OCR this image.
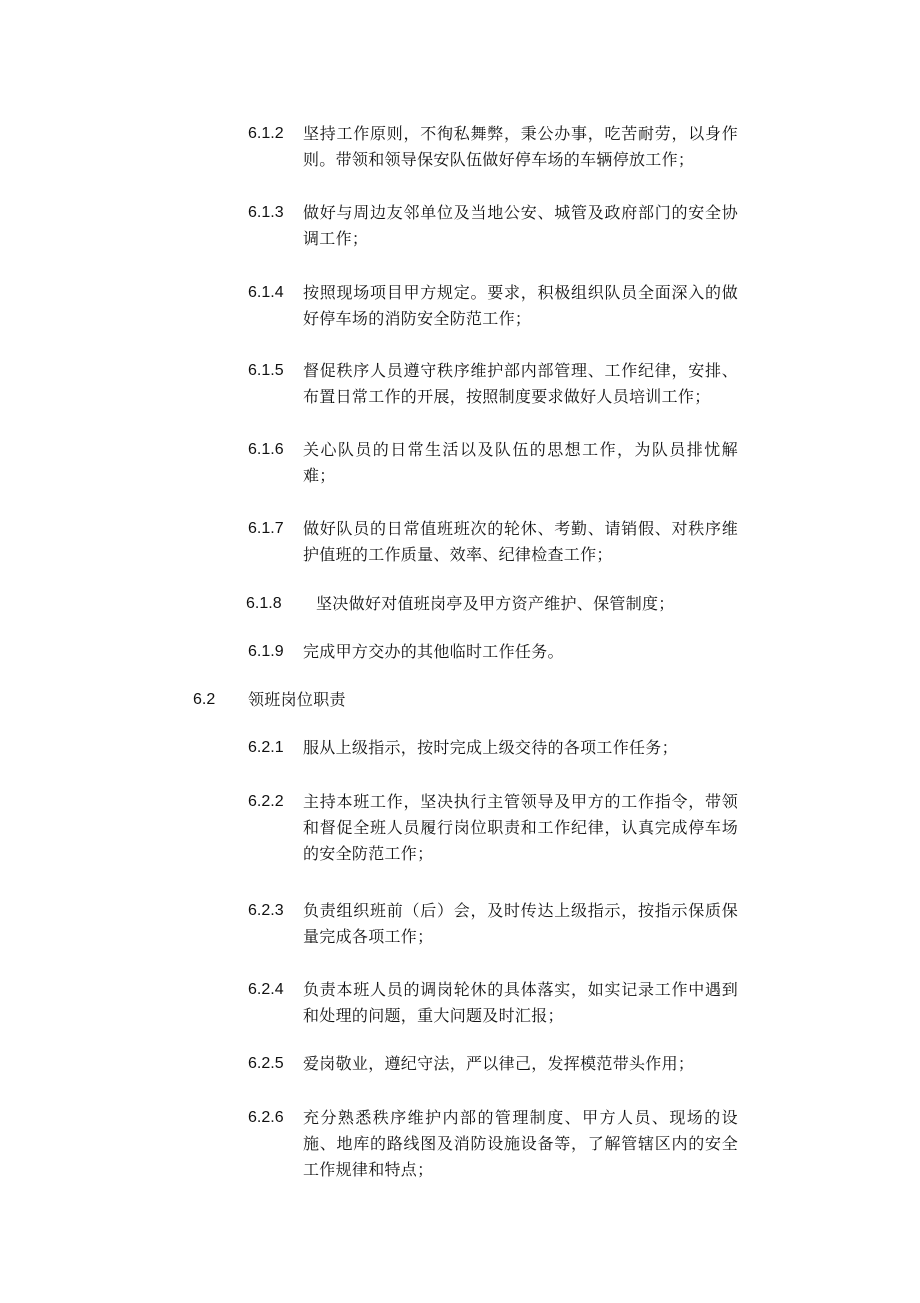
6.1.2	坚持工作原则，不徇私舞弊，秉公办事，吃苦耐劳，以身作则。带领和领导保安队伍做好停车场的车辆停放工作；
6.1.3	做好与周边友邻单位及当地公安、城管及政府部门的安全协调工作；
6.1.4	按照现场项目甲方规定。要求，积极组织队员全面深入的做好停车场的消防安全防范工作；
6.1.5	督促秩序人员遵守秩序维护部内部管理、工作纪律，安排、布置日常工作的开展，按照制度要求做好人员培训工作；
6.1.6	关心队员的日常生活以及队伍的思想工作，为队员排忧解难；
6.1.7	做好队员的日常值班班次的轮休、考勤、请销假、对秩序维护值班的工作质量、效率、纪律检查工作；
6.1.8	坚决做好对值班岗亭及甲方资产维护、保管制度；
6.1.9	完成甲方交办的其他临时工作任务。
6.2	领班岗位职责
6.2.1	服从上级指示，按时完成上级交待的各项工作任务；
6.2.2	主持本班工作，坚决执行主管领导及甲方的工作指令，带领和督促全班人员履行岗位职责和工作纪律，认真完成停车场的安全防范工作；
6.2.3	负责组织班前（后）会，及时传达上级指示，按指示保质保量完成各项工作；
6.2.4	负责本班人员的调岗轮休的具体落实，如实记录工作中遇到和处理的问题，重大问题及时汇报；
6.2.5	爱岗敬业，遵纪守法，严以律己，发挥模范带头作用；
6.2.6	充分熟悉秩序维护内部的管理制度、甲方人员、现场的设施、地库的路线图及消防设施设备等，了解管辖区内的安全工作规律和特点；
